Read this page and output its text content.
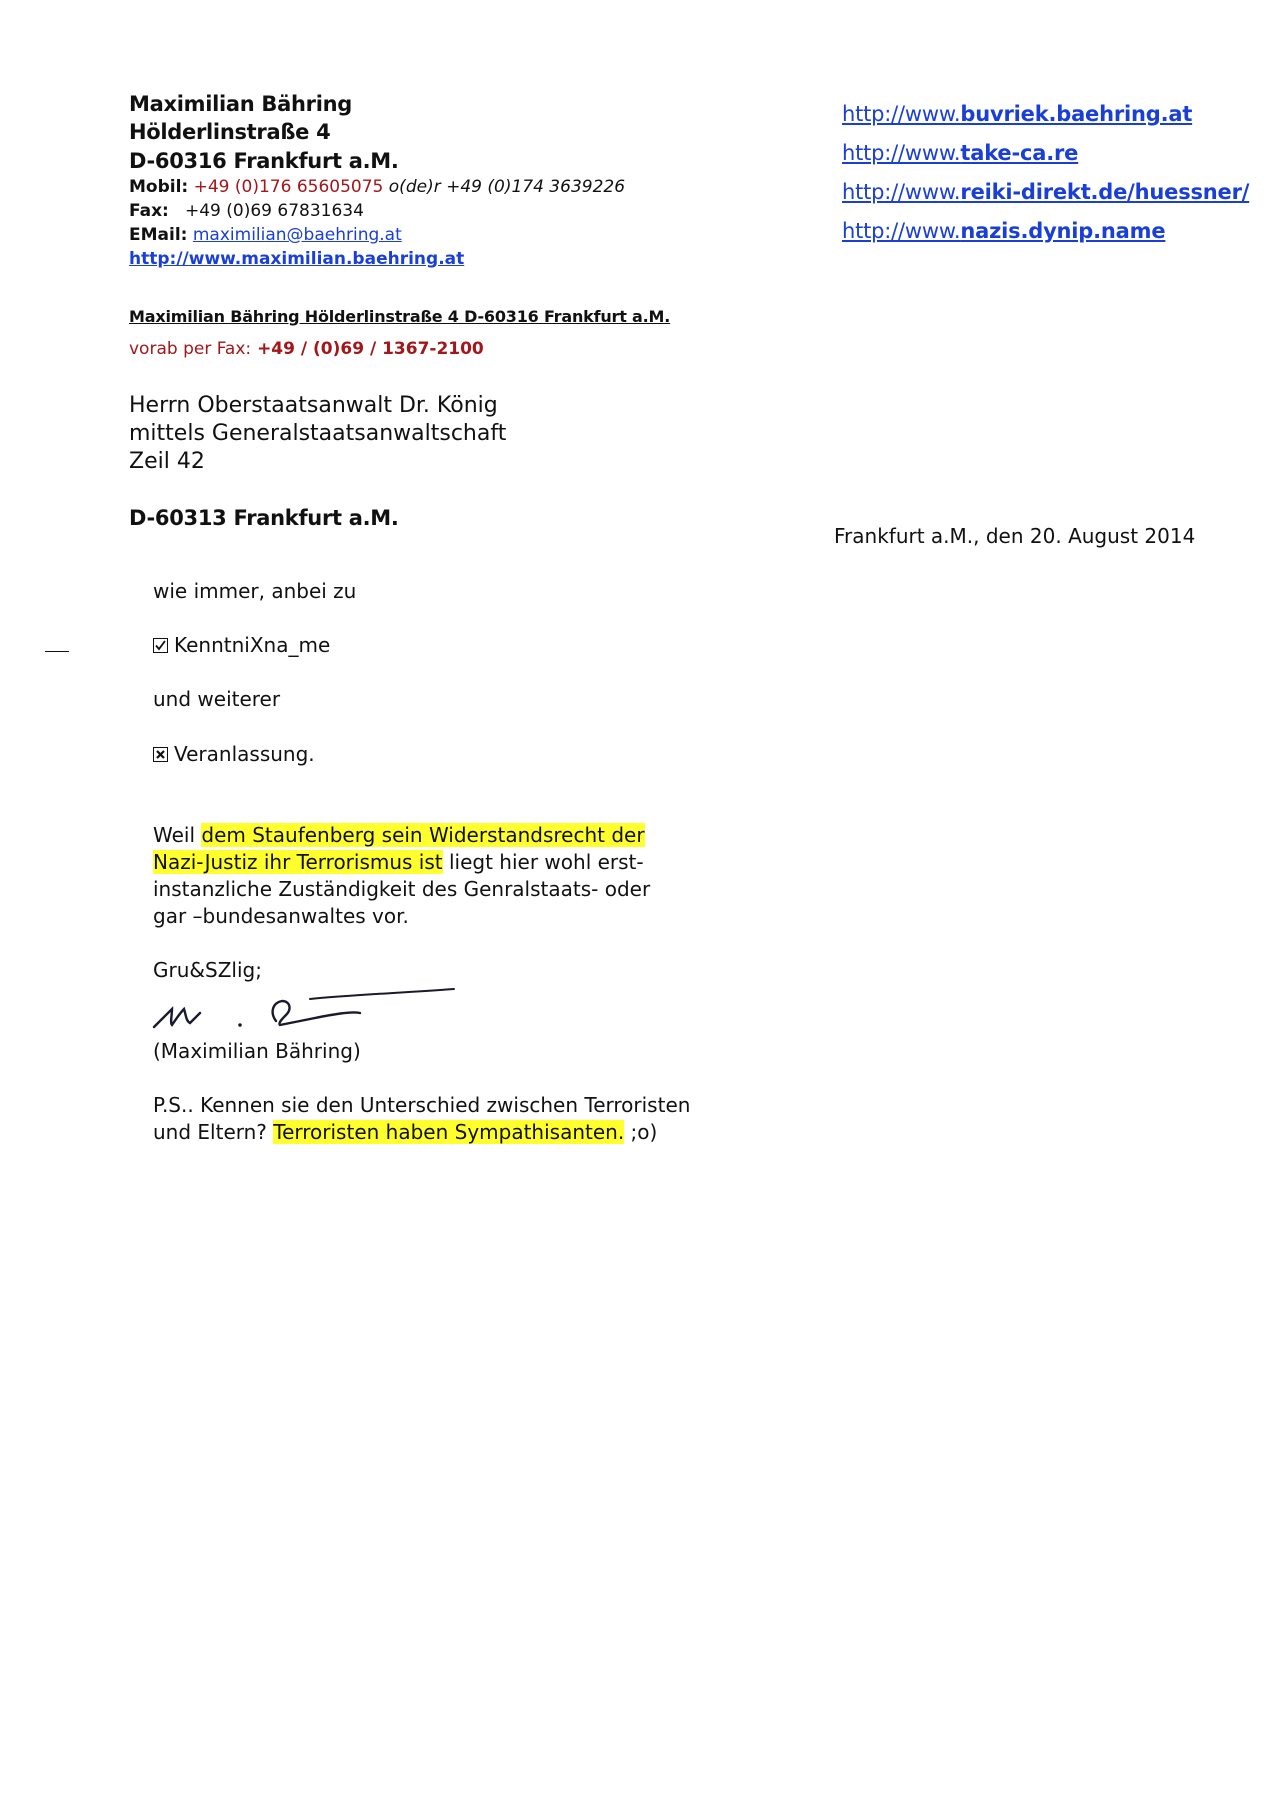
Maximilian Bähring
Hölderlinstraße 4
D-60316 Frankfurt a.M.
Mobil: +49 (0)176 65605075 o(de)r +49 (0)174 3639226
Fax: +49 (0)69 67831634
EMail: maximilian@baehring.at
http://www.maximilian.baehring.at
http://www.buvriek.baehring.at
http://www.take-ca.re
http://www.reiki-direkt.de/huessner/
http://www.nazis.dynip.name
Maximilian Bähring Hölderlinstraße 4 D-60316 Frankfurt a.M.
vorab per Fax: +49 / (0)69 / 1367-2100
Herrn Oberstaatsanwalt Dr. König
mittels Generalstaatsanwaltschaft
Zeil 42
D-60313 Frankfurt a.M.
Frankfurt a.M., den 20. August 2014
wie immer, anbei zu
KenntniXna_me
und weiterer
Veranlassung.
Weil dem Staufenberg sein Widerstandsrecht der
Nazi-Justiz ihr Terrorismus ist liegt hier wohl erst-
instanzliche Zuständigkeit des Genralstaats- oder
gar –bundesanwaltes vor.
Gru&SZlig;
(Maximilian Bähring)
P.S.. Kennen sie den Unterschied zwischen Terroristen
und Eltern? Terroristen haben Sympathisanten. ;o)
